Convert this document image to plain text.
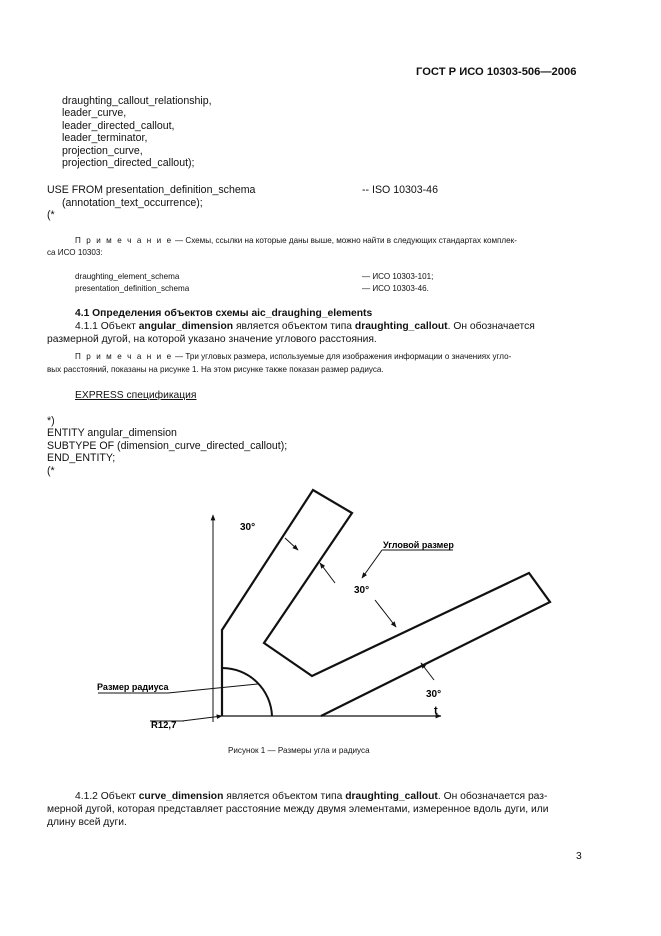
ГОСТ Р ИСО 10303-506—2006
draughting_callout_relationship,
leader_curve,
leader_directed_callout,
leader_terminator,
projection_curve,
projection_directed_callout);
USE FROM presentation_definition_schema	-- ISO 10303-46
(annotation_text_occurrence);
(*
П р и м е ч а н и е — Схемы, ссылки на которые даны выше, можно найти в следующих стандартах комплек-
са ИСО 10303:
draughting_element_schema	— ИСО 10303-101;
presentation_definition_schema	— ИСО 10303-46.
4.1 Определения объектов схемы aic_draughing_elements
4.1.1 Объект angular_dimension является объектом типа draughting_callout. Он обозначается
размерной дугой, на которой указано значение углового расстояния.
П р и м е ч а н и е — Три угловых размера, используемые для изображения информации о значениях угло-
вых расстояний, показаны на рисунке 1. На этом рисунке также показан размер радиуса.
EXPRESS спецификация
*)
ENTITY angular_dimension
SUBTYPE OF (dimension_curve_directed_callout);
END_ENTITY;
(*
30°
30°
30°
Угловой размер
Размер радиуса
R12,7
t
Рисунок 1 — Размеры угла и радиуса
4.1.2 Объект curve_dimension является объектом типа draughting_callout. Он обозначается раз-
мерной дугой, которая представляет расстояние между двумя элементами, измеренное вдоль дуги, или
длину всей дуги.
3
